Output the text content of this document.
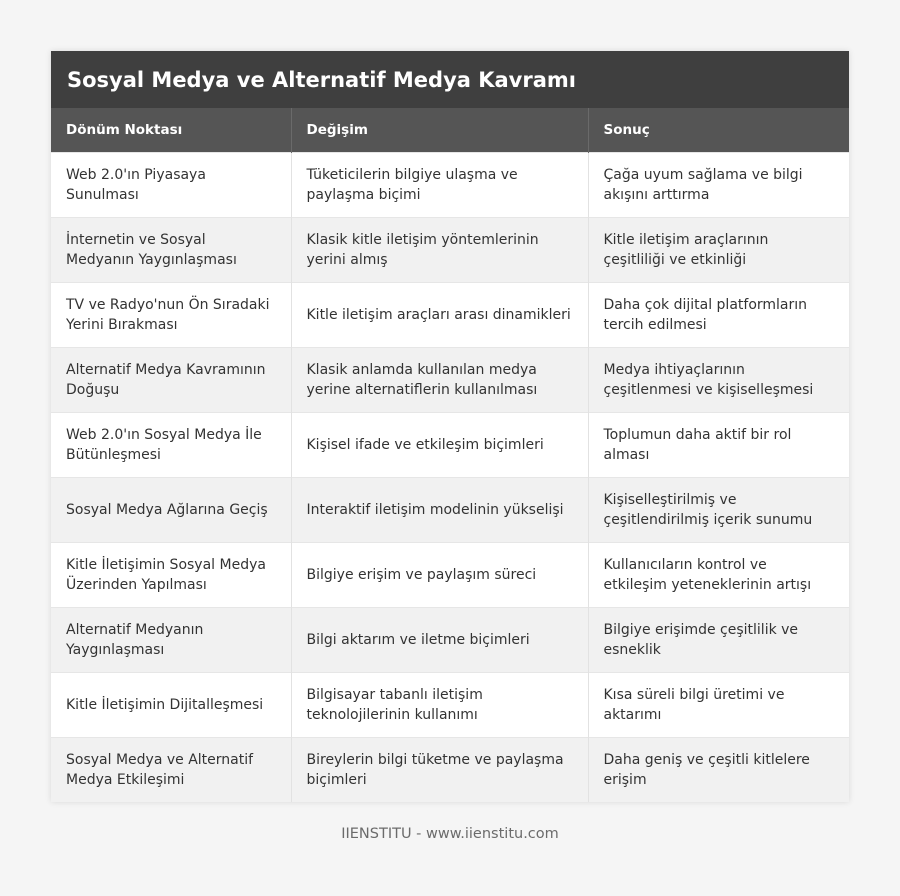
Sosyal Medya ve Alternatif Medya Kavramı
Dönüm Noktası	Değişim	Sonuç
Web 2.0'ın Piyasaya Sunulması	Tüketicilerin bilgiye ulaşma ve paylaşma biçimi	Çağa uyum sağlama ve bilgi akışını arttırma
İnternetin ve Sosyal Medyanın Yaygınlaşması	Klasik kitle iletişim yöntemlerinin yerini almış	Kitle iletişim araçlarının çeşitliliği ve etkinliği
TV ve Radyo'nun Ön Sıradaki Yerini Bırakması	Kitle iletişim araçları arası dinamikleri	Daha çok dijital platformların tercih edilmesi
Alternatif Medya Kavramının Doğuşu	Klasik anlamda kullanılan medya yerine alternatiflerin kullanılması	Medya ihtiyaçlarının çeşitlenmesi ve kişiselleşmesi
Web 2.0'ın Sosyal Medya İle Bütünleşmesi	Kişisel ifade ve etkileşim biçimleri	Toplumun daha aktif bir rol alması
Sosyal Medya Ağlarına Geçiş	Interaktif iletişim modelinin yükselişi	Kişiselleştirilmiş ve çeşitlendirilmiş içerik sunumu
Kitle İletişimin Sosyal Medya Üzerinden Yapılması	Bilgiye erişim ve paylaşım süreci	Kullanıcıların kontrol ve etkileşim yeteneklerinin artışı
Alternatif Medyanın Yaygınlaşması	Bilgi aktarım ve iletme biçimleri	Bilgiye erişimde çeşitlilik ve esneklik
Kitle İletişimin Dijitalleşmesi	Bilgisayar tabanlı iletişim teknolojilerinin kullanımı	Kısa süreli bilgi üretimi ve aktarımı
Sosyal Medya ve Alternatif Medya Etkileşimi	Bireylerin bilgi tüketme ve paylaşma biçimleri	Daha geniş ve çeşitli kitlelere erişim
IIENSTITU - www.iienstitu.com
